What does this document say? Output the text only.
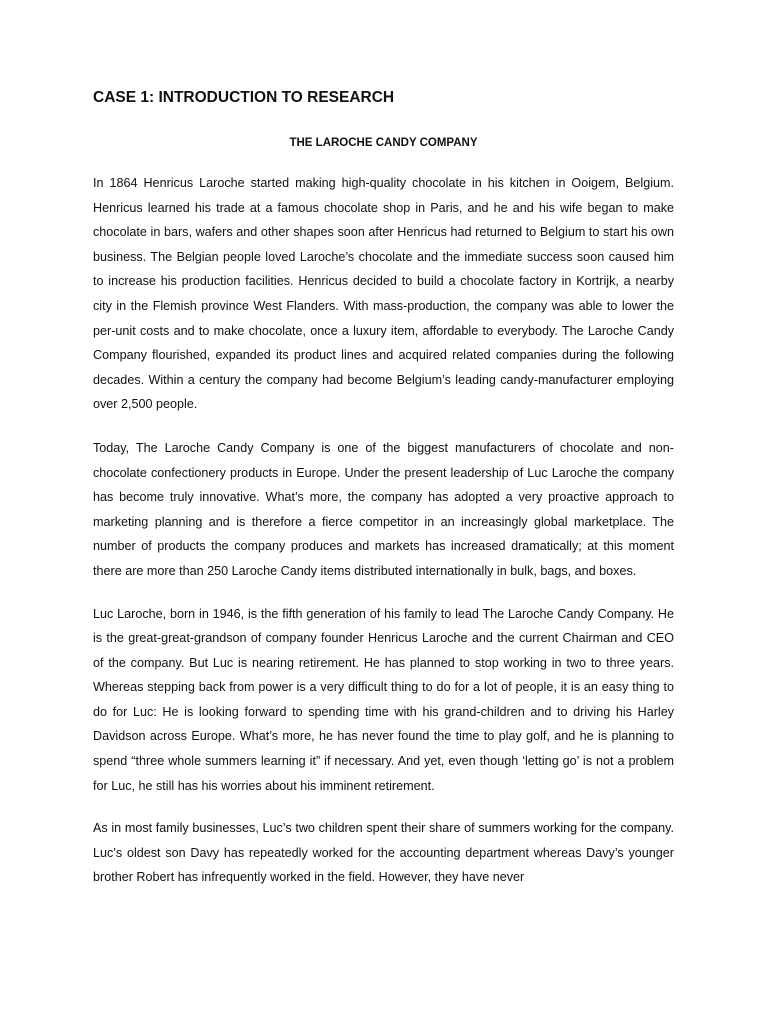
CASE 1: INTRODUCTION TO RESEARCH
THE LAROCHE CANDY COMPANY

In 1864 Henricus Laroche started making high-quality chocolate in his kitchen in Ooigem, Belgium. Henricus learned his trade at a famous chocolate shop in Paris, and he and his wife began to make chocolate in bars, wafers and other shapes soon after Henricus had returned to Belgium to start his own business. The Belgian people loved Laroche’s chocolate and the immediate success soon caused him to increase his production facilities. Henricus decided to build a chocolate factory in Kortrijk, a nearby city in the Flemish province West Flanders. With mass-production, the company was able to lower the per-unit costs and to make chocolate, once a luxury item, affordable to everybody. The Laroche Candy Company flourished, expanded its product lines and acquired related companies during the following decades. Within a century the company had become Belgium’s leading candy-manufacturer employing over 2,500 people.

Today, The Laroche Candy Company is one of the biggest manufacturers of chocolate and non-chocolate confectionery products in Europe. Under the present leadership of Luc Laroche the company has become truly innovative. What’s more, the company has adopted a very proactive approach to marketing planning and is therefore a fierce competitor in an increasingly global marketplace. The number of products the company produces and markets has increased dramatically; at this moment there are more than 250 Laroche Candy items distributed internationally in bulk, bags, and boxes.

Luc Laroche, born in 1946, is the fifth generation of his family to lead The Laroche Candy Company. He is the great-great-grandson of company founder Henricus Laroche and the current Chairman and CEO of the company. But Luc is nearing retirement. He has planned to stop working in two to three years. Whereas stepping back from power is a very difficult thing to do for a lot of people, it is an easy thing to do for Luc: He is looking forward to spending time with his grand-children and to driving his Harley Davidson across Europe. What’s more, he has never found the time to play golf, and he is planning to spend “three whole summers learning it” if necessary. And yet, even though ‘letting go’ is not a problem for Luc, he still has his worries about his imminent retirement.

As in most family businesses, Luc’s two children spent their share of summers working for the company. Luc’s oldest son Davy has repeatedly worked for the accounting department whereas Davy’s younger brother Robert has infrequently worked in the field. However, they have never
